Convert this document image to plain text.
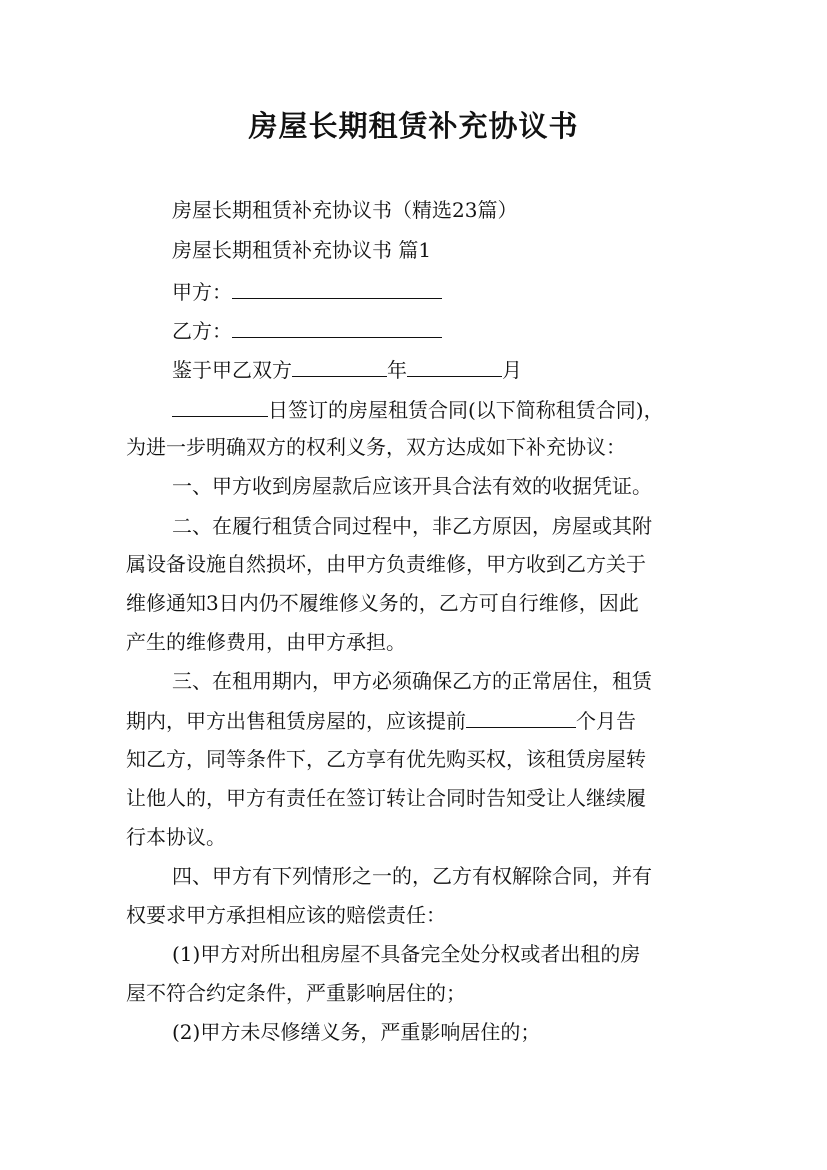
房屋长期租赁补充协议书
房屋长期租赁补充协议书（精选23篇）
房屋长期租赁补充协议书 篇1
甲方：
乙方：
鉴于甲乙双方	年	月
日签订的房屋租赁合同(以下简称租赁合同)，
为进一步明确双方的权利义务，双方达成如下补充协议：
一、甲方收到房屋款后应该开具合法有效的收据凭证。
二、在履行租赁合同过程中，非乙方原因，房屋或其附
属设备设施自然损坏，由甲方负责维修，甲方收到乙方关于
维修通知3日内仍不履维修义务的，乙方可自行维修，因此
产生的维修费用，由甲方承担。
三、在租用期内，甲方必须确保乙方的正常居住，租赁
期内，甲方出售租赁房屋的，应该提前	个月告
知乙方，同等条件下，乙方享有优先购买权，该租赁房屋转
让他人的，甲方有责任在签订转让合同时告知受让人继续履
行本协议。
四、甲方有下列情形之一的，乙方有权解除合同，并有
权要求甲方承担相应该的赔偿责任：
(1)甲方对所出租房屋不具备完全处分权或者出租的房
屋不符合约定条件，严重影响居住的；
(2)甲方未尽修缮义务，严重影响居住的；
